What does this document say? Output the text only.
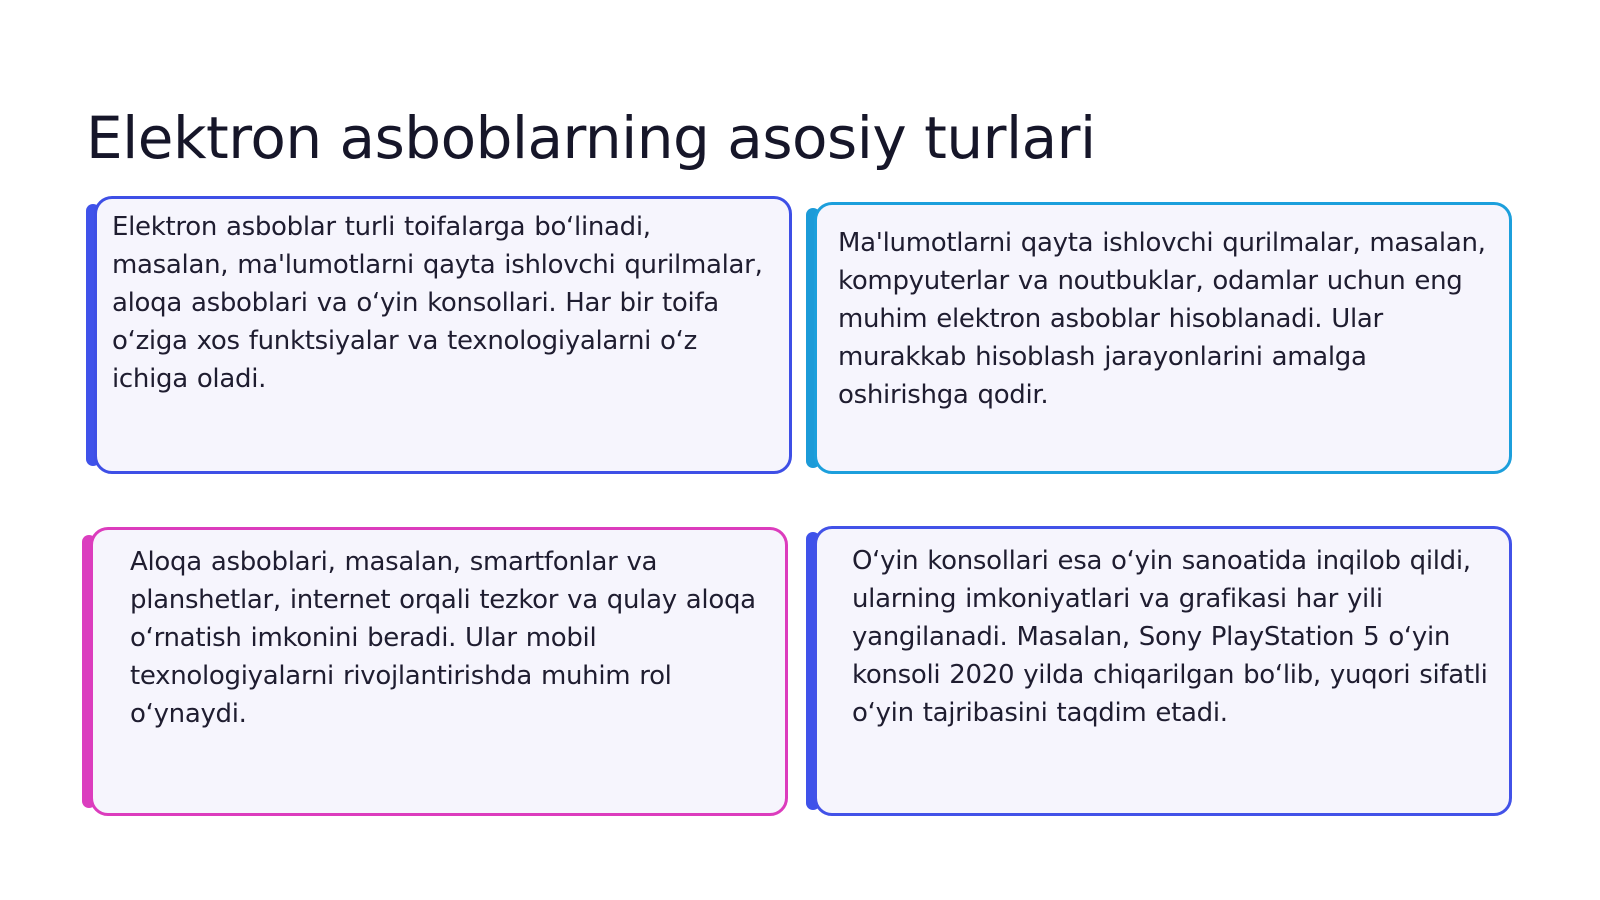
Elektron asboblarning asosiy turlari

Elektron asboblar turli toifalarga bo‘linadi, masalan, ma'lumotlarni qayta ishlovchi qurilmalar, aloqa asboblari va o‘yin konsollari. Har bir toifa o‘ziga xos funktsiyalar va texnologiyalarni o‘z ichiga oladi.

Ma'lumotlarni qayta ishlovchi qurilmalar, masalan, kompyuterlar va noutbuklar, odamlar uchun eng muhim elektron asboblar hisoblanadi. Ular murakkab hisoblash jarayonlarini amalga oshirishga qodir.

Aloqa asboblari, masalan, smartfonlar va planshetlar, internet orqali tezkor va qulay aloqa o‘rnatish imkonini beradi. Ular mobil texnologiyalarni rivojlantirishda muhim rol o‘ynaydi.

O‘yin konsollari esa o‘yin sanoatida inqilob qildi, ularning imkoniyatlari va grafikasi har yili yangilanadi. Masalan, Sony PlayStation 5 o‘yin konsoli 2020 yilda chiqarilgan bo‘lib, yuqori sifatli o‘yin tajribasini taqdim etadi.
